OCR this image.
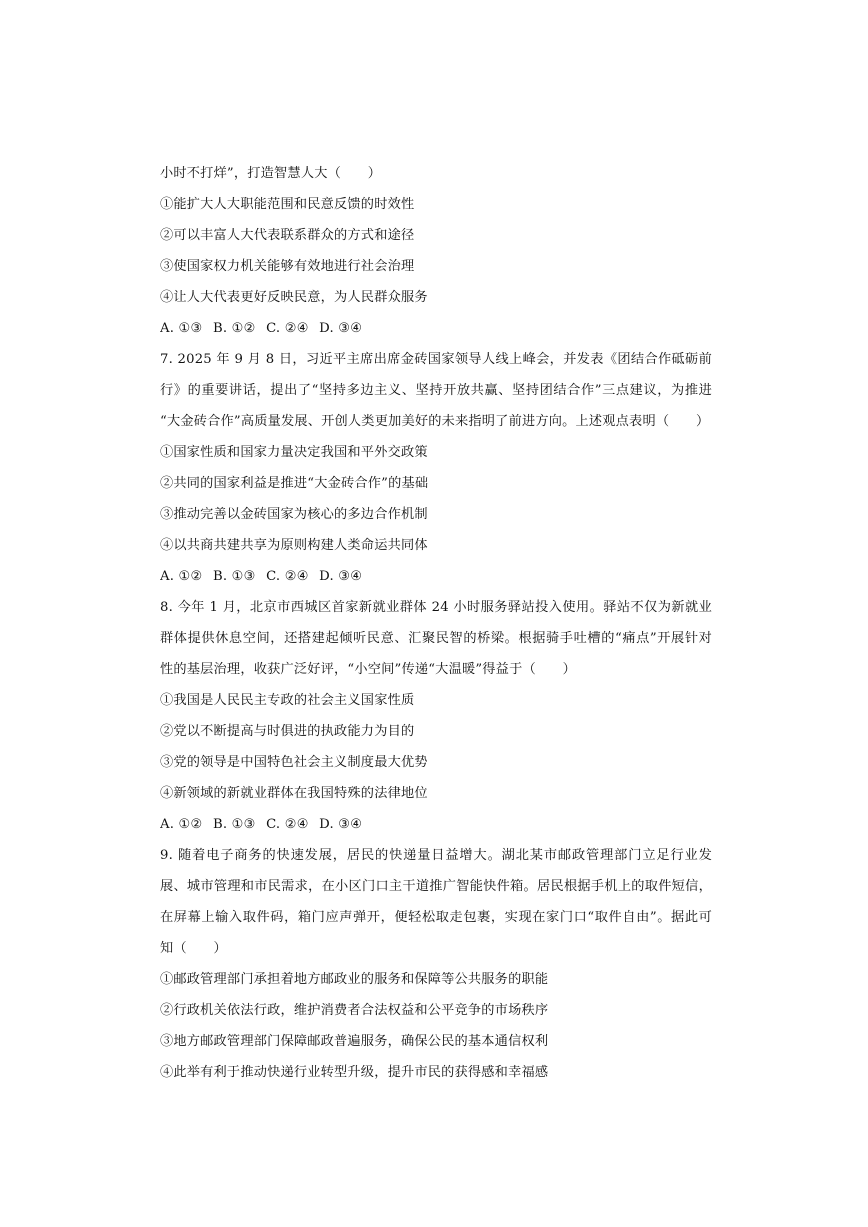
小时不打烊”，打造智慧人大（　　）
①能扩大人大职能范围和民意反馈的时效性
②可以丰富人大代表联系群众的方式和途径
③使国家权力机关能够有效地进行社会治理
④让人大代表更好反映民意，为人民群众服务
A. ①③ B. ①② C. ②④ D. ③④
7. 2025 年 9 月 8 日，习近平主席出席金砖国家领导人线上峰会，并发表《团结合作砥砺前
行》的重要讲话，提出了“坚持多边主义、坚持开放共赢、坚持团结合作”三点建议，为推进
“大金砖合作”高质量发展、开创人类更加美好的未来指明了前进方向。上述观点表明（　　）
①国家性质和国家力量决定我国和平外交政策
②共同的国家利益是推进“大金砖合作”的基础
③推动完善以金砖国家为核心的多边合作机制
④以共商共建共享为原则构建人类命运共同体
A. ①② B. ①③ C. ②④ D. ③④
8. 今年 1 月，北京市西城区首家新就业群体 24 小时服务驿站投入使用。驿站不仅为新就业
群体提供休息空间，还搭建起倾听民意、汇聚民智的桥梁。根据骑手吐槽的“痛点”开展针对
性的基层治理，收获广泛好评，“小空间”传递“大温暖”得益于（　　）
①我国是人民民主专政的社会主义国家性质
②党以不断提高与时俱进的执政能力为目的
③党的领导是中国特色社会主义制度最大优势
④新领域的新就业群体在我国特殊的法律地位
A. ①② B. ①③ C. ②④ D. ③④
9. 随着电子商务的快速发展，居民的快递量日益增大。湖北某市邮政管理部门立足行业发
展、城市管理和市民需求，在小区门口主干道推广智能快件箱。居民根据手机上的取件短信，
在屏幕上输入取件码，箱门应声弹开，便轻松取走包裹，实现在家门口“取件自由”。据此可
知（　　）
①邮政管理部门承担着地方邮政业的服务和保障等公共服务的职能
②行政机关依法行政，维护消费者合法权益和公平竞争的市场秩序
③地方邮政管理部门保障邮政普遍服务，确保公民的基本通信权利
④此举有利于推动快递行业转型升级，提升市民的获得感和幸福感
